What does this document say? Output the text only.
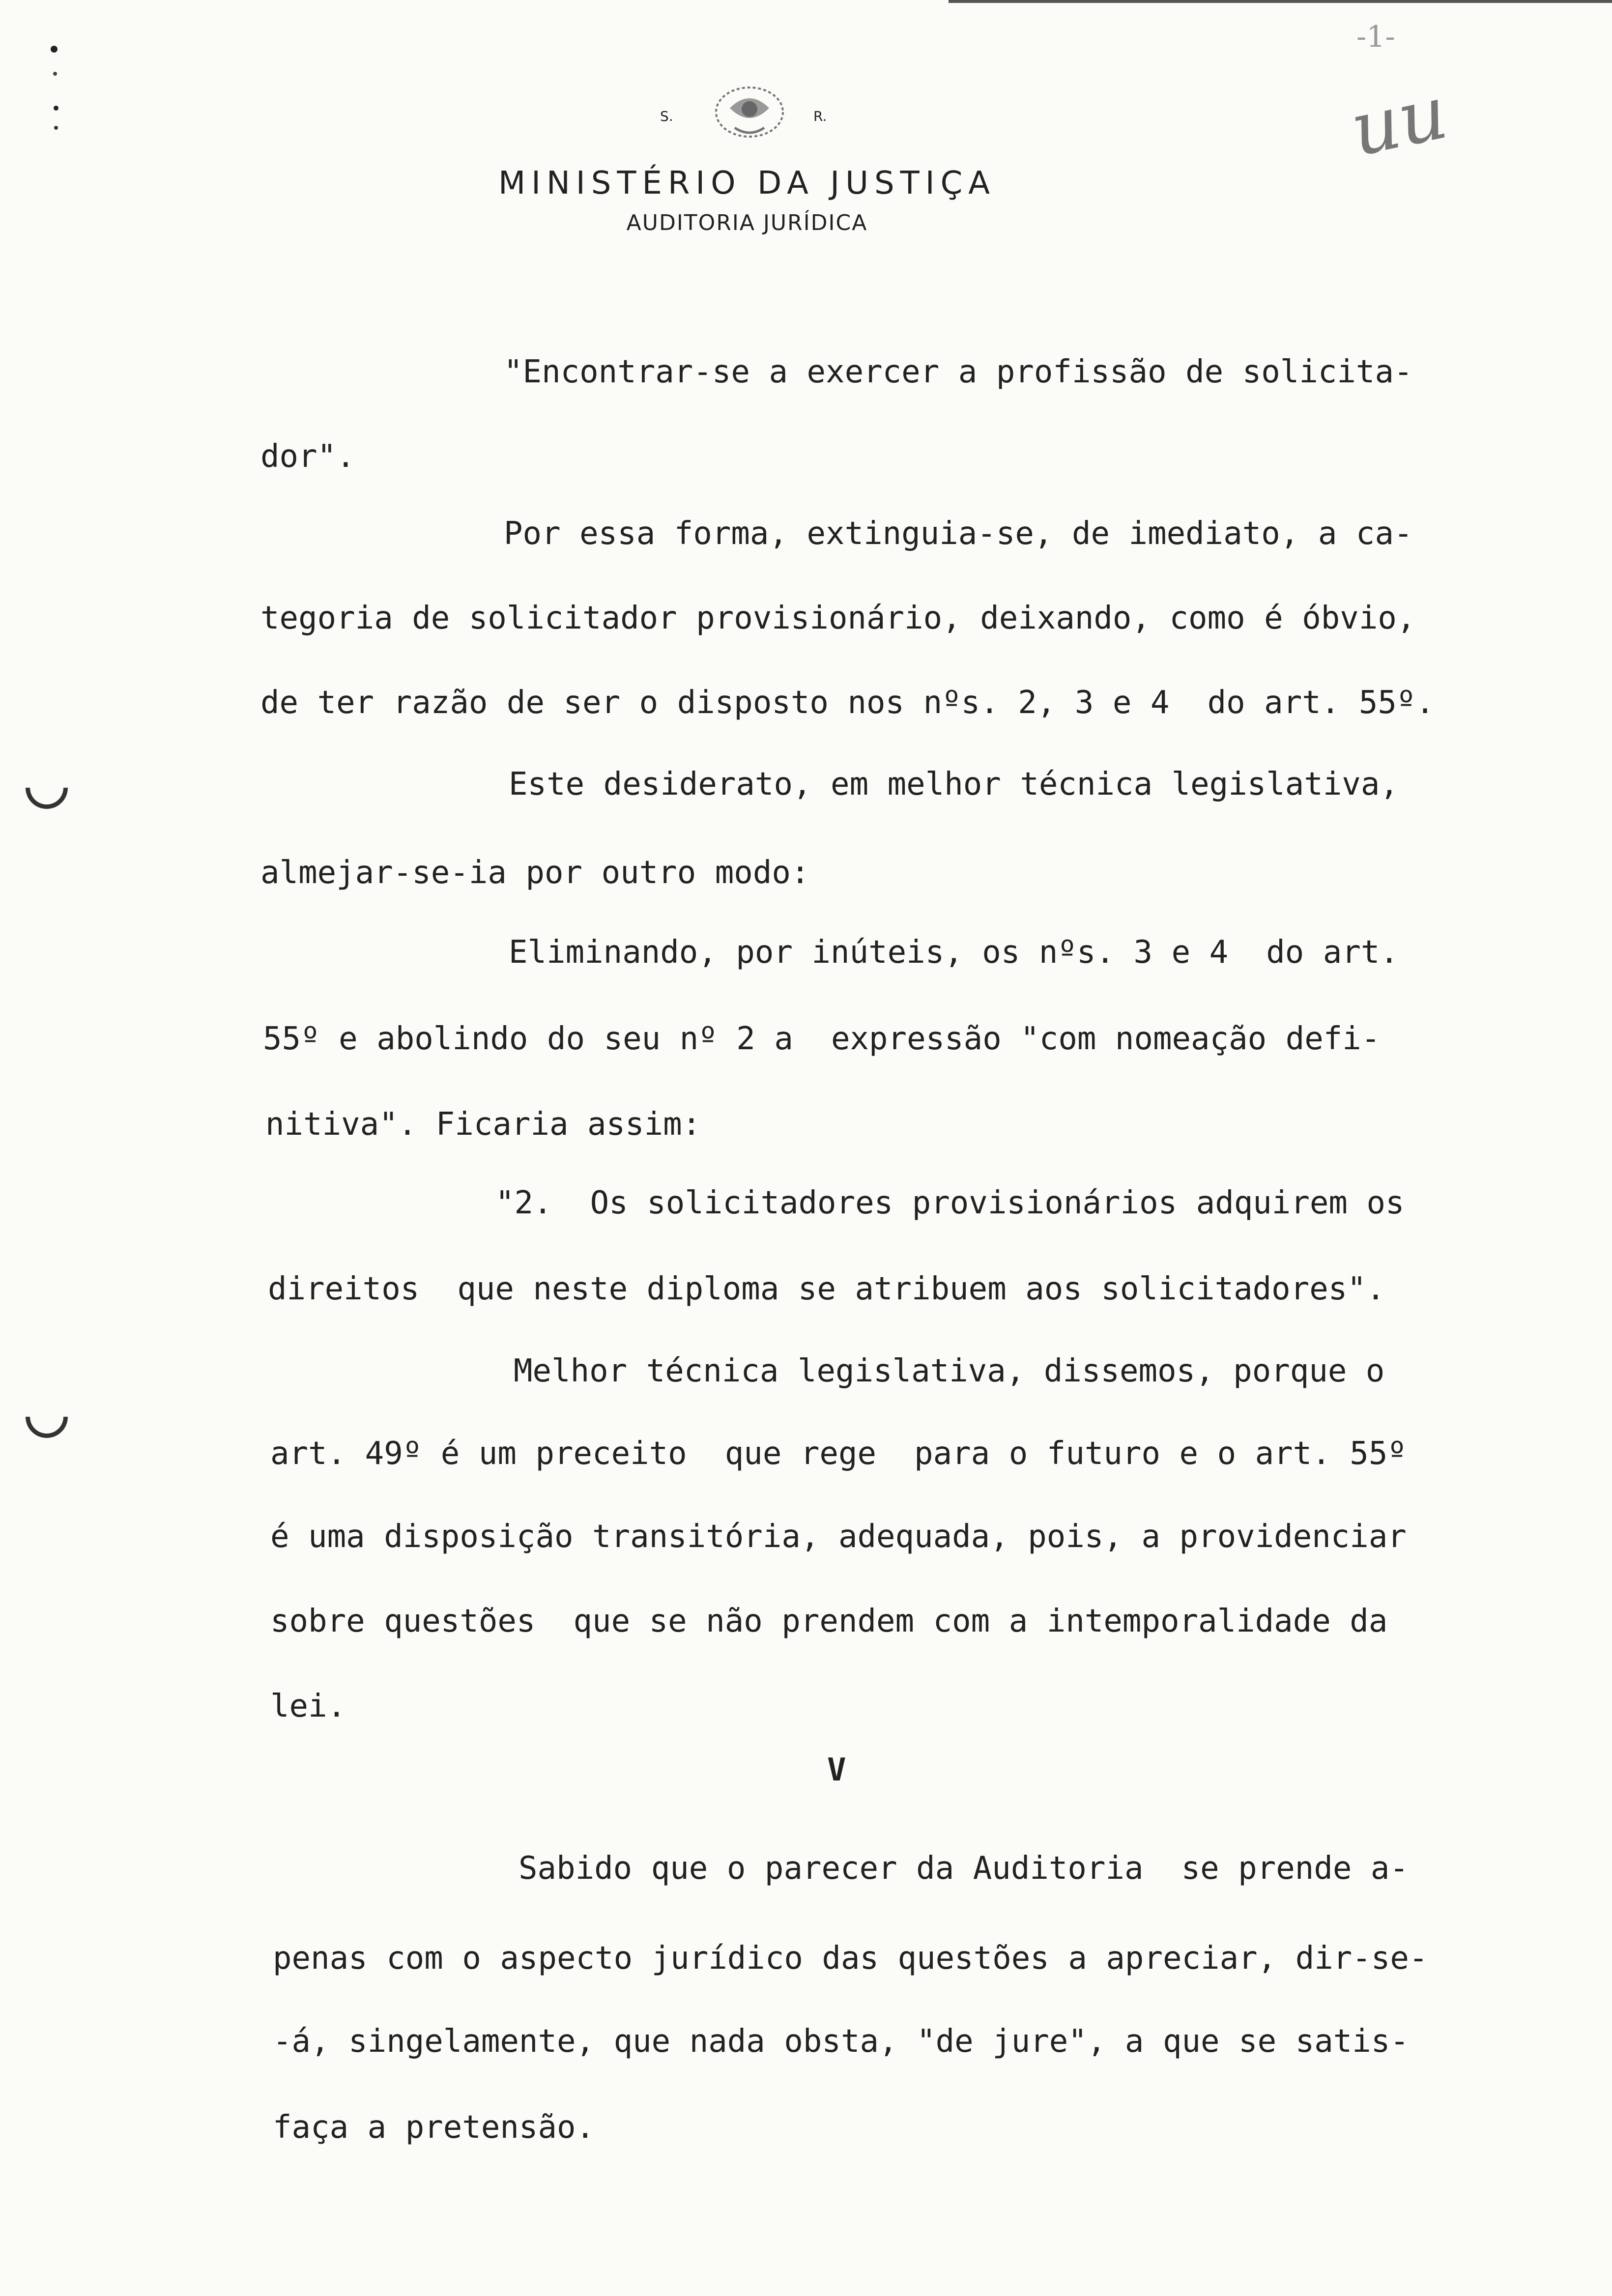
-1-
uu
S.	R.
MINISTÉRIO DA JUSTIÇA
AUDITORIA JURÍDICA
"Encontrar-se a exercer a profissão de solicita-
dor".
Por essa forma, extinguia-se, de imediato, a ca-
tegoria de solicitador provisionário, deixando, como é óbvio,
de ter razão de ser o disposto nos nºs. 2, 3 e 4  do art. 55º.
Este desiderato, em melhor técnica legislativa,
almejar-se-ia por outro modo:
Eliminando, por inúteis, os nºs. 3 e 4  do art.
55º e abolindo do seu nº 2 a  expressão "com nomeação defi-
nitiva". Ficaria assim:
"2.  Os solicitadores provisionários adquirem os
direitos  que neste diploma se atribuem aos solicitadores".
Melhor técnica legislativa, dissemos, porque o
art. 49º é um preceito  que rege  para o futuro e o art. 55º
é uma disposição transitória, adequada, pois, a providenciar
sobre questões  que se não prendem com a intemporalidade da
lei.
V
Sabido que o parecer da Auditoria  se prende a-
penas com o aspecto jurídico das questões a apreciar, dir-se-
-á, singelamente, que nada obsta, "de jure", a que se satis-
faça a pretensão.
